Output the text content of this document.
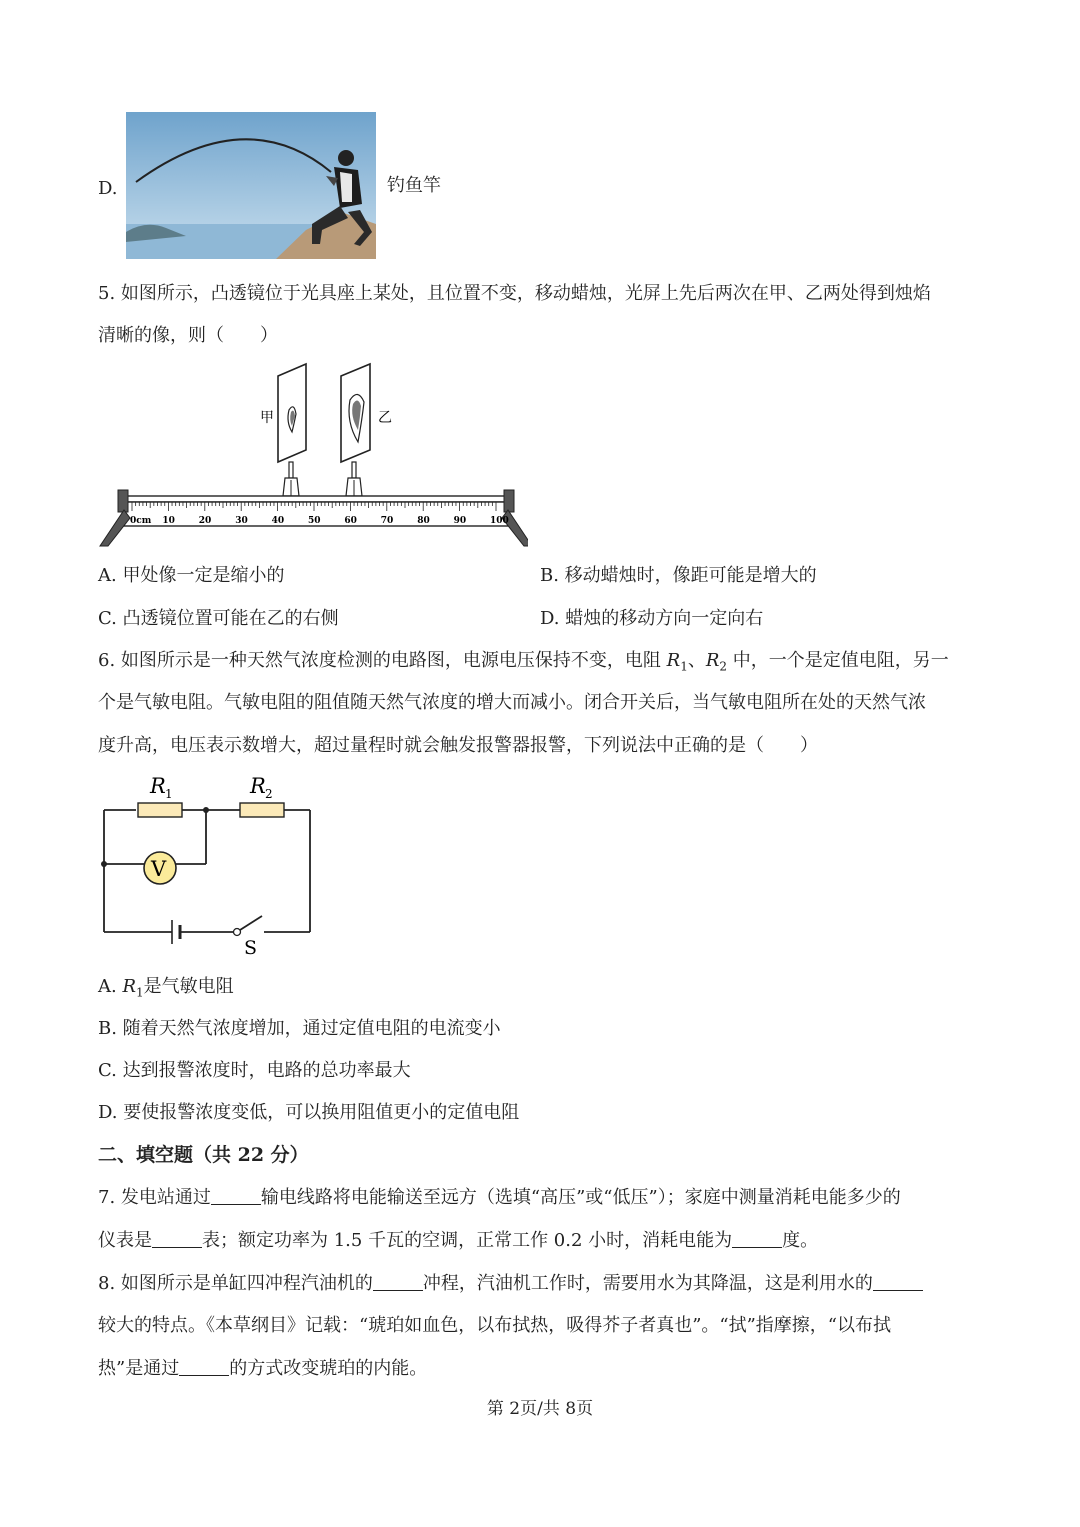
D.	钓鱼竿
5. 如图所示，凸透镜位于光具座上某处，且位置不变，移动蜡烛，光屏上先后两次在甲、乙两处得到烛焰
清晰的像，则（　　）
甲	乙
0cm 10	20	30	40	50	60	70	80	90	100
A. 甲处像一定是缩小的	B. 移动蜡烛时，像距可能是增大的
C. 凸透镜位置可能在乙的右侧	D. 蜡烛的移动方向一定向右
6. 如图所示是一种天然气浓度检测的电路图，电源电压保持不变，电阻 $R_1$、$R_2$ 中，一个是定值电阻，另一
个是气敏电阻。气敏电阻的阻值随天然气浓度的增大而减小。闭合开关后，当气敏电阻所在处的天然气浓
度升高，电压表示数增大，超过量程时就会触发报警器报警，下列说法中正确的是（　　）
R 1	R 2
V
S
A. $R_1$是气敏电阻
B. 随着天然气浓度增加，通过定值电阻的电流变小
C. 达到报警浓度时，电路的总功率最大
D. 要使报警浓度变低，可以换用阻值更小的定值电阻
二、填空题（共 22 分）
7. 发电站通过	输电线路将电能输送至远方（选填“高压”或“低压”）；家庭中测量消耗电能多少的
仪表是	表；额定功率为 1.5 千瓦的空调，正常工作 0.2 小时，消耗电能为	度。
8. 如图所示是单缸四冲程汽油机的	冲程，汽油机工作时，需要用水为其降温，这是利用水的
较大的特点。《本草纲目》记载：“琥珀如血色，以布拭热，吸得芥子者真也”。“拭”指摩擦，“以布拭
热”是通过	的方式改变琥珀的内能。
第 2页/共 8页
